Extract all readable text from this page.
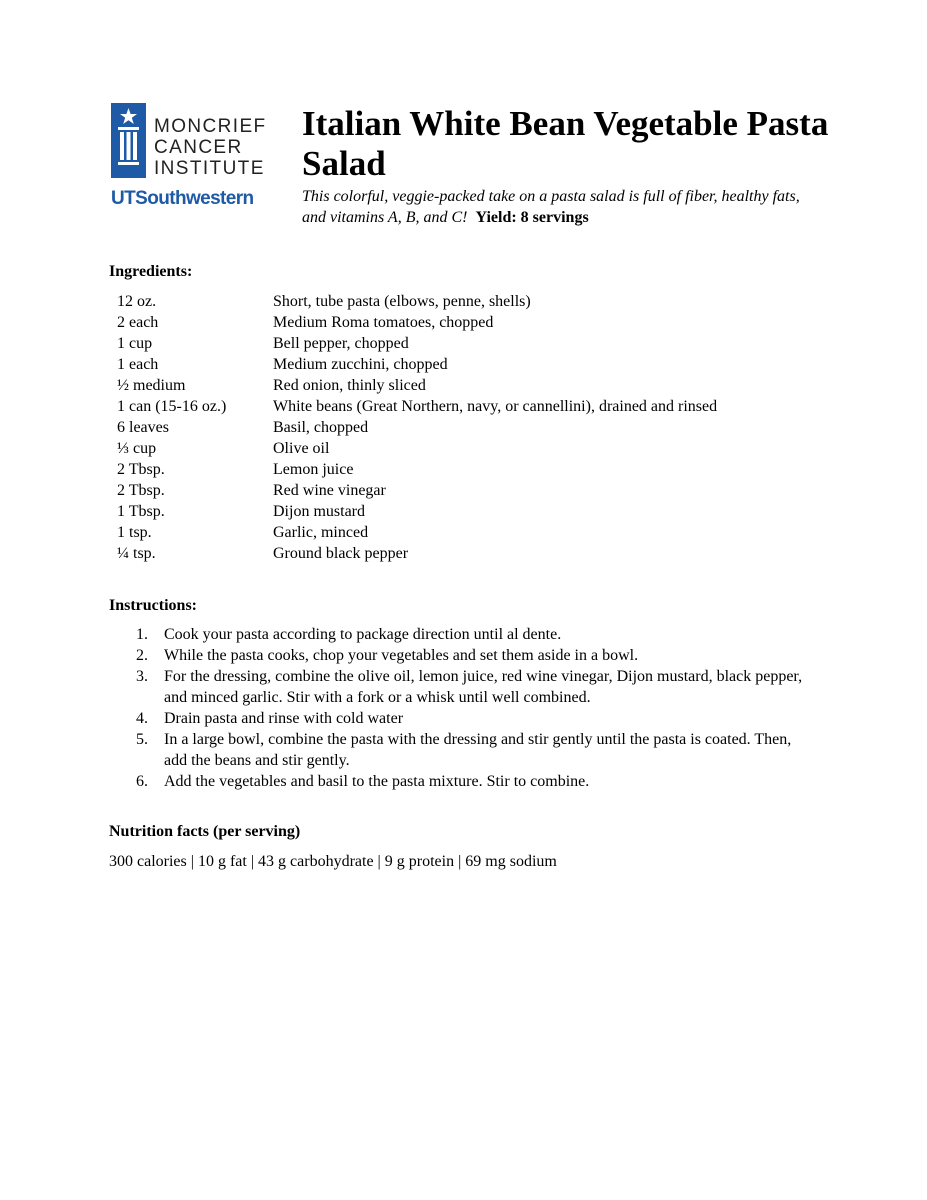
MONCRIEF
CANCER
INSTITUTE
UTSouthwestern
Italian White Bean Vegetable Pasta Salad

This colorful, veggie-packed take on a pasta salad is full of fiber, healthy fats, and vitamins A, B, and C! Yield: 8 servings

Ingredients:
12 oz.	Short, tube pasta (elbows, penne, shells)
2 each	Medium Roma tomatoes, chopped
1 cup	Bell pepper, chopped
1 each	Medium zucchini, chopped
½ medium	Red onion, thinly sliced
1 can (15-16 oz.)	White beans (Great Northern, navy, or cannellini), drained and rinsed
6 leaves	Basil, chopped
⅓ cup	Olive oil
2 Tbsp.	Lemon juice
2 Tbsp.	Red wine vinegar
1 Tbsp.	Dijon mustard
1 tsp.	Garlic, minced
¼ tsp.	Ground black pepper
Instructions:
1. Cook your pasta according to package direction until al dente.
2. While the pasta cooks, chop your vegetables and set them aside in a bowl.
3. For the dressing, combine the olive oil, lemon juice, red wine vinegar, Dijon mustard, black pepper, and minced garlic. Stir with a fork or a whisk until well combined.
4. Drain pasta and rinse with cold water
5. In a large bowl, combine the pasta with the dressing and stir gently until the pasta is coated. Then, add the beans and stir gently.
6. Add the vegetables and basil to the pasta mixture. Stir to combine.
Nutrition facts (per serving)

300 calories | 10 g fat | 43 g carbohydrate | 9 g protein | 69 mg sodium
